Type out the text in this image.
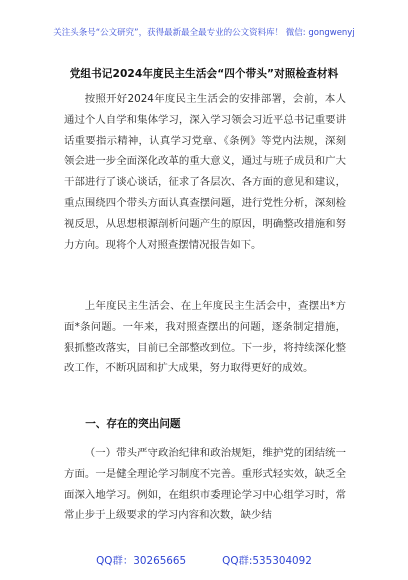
关注头条号“公文研究”，获得最新最全最专业的公文资料库！ 微信: gongwenyj
党组书记2024年度民主生活会“四个带头”对照检查材料

按照开好2024年度民主生活会的安排部署，会前，本人通过个人自学和集体学习，深入学习领会习近平总书记重要讲话重要指示精神，认真学习党章、《条例》等党内法规，深刻领会进一步全面深化改革的重大意义，通过与班子成员和广大干部进行了谈心谈话，征求了各层次、各方面的意见和建议，重点围绕四个带头方面认真查摆问题，进行党性分析，深刻检视反思，从思想根源剖析问题产生的原因，明确整改措施和努力方向。现将个人对照查摆情况报告如下。

上年度民主生活会、在上年度民主生活会中，查摆出*方面*条问题。一年来，我对照查摆出的问题，逐条制定措施，狠抓整改落实，目前已全部整改到位。下一步，将持续深化整改工作，不断巩固和扩大成果，努力取得更好的成效。

一、存在的突出问题

（一）带头严守政治纪律和政治规矩，维护党的团结统一方面。一是健全理论学习制度不完善。重形式轻实效，缺乏全面深入地学习。例如，在组织市委理论学习中心组学习时，常常止步于上级要求的学习内容和次数，缺少结

QQ群：30265665	QQ群:535304092
